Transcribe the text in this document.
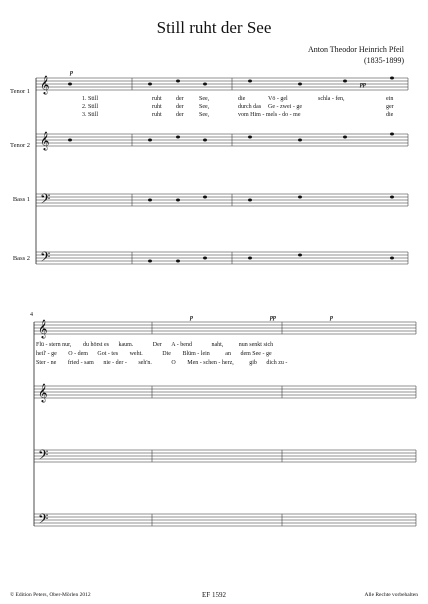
Still ruht der See
Anton Theodor Heinrich Pfeil
(1835-1899)
Tenor 1
Tenor 2
Bass 1
Bass 2
𝄞
𝄞
𝄢
𝄢
𝄞
𝄞
𝄢
𝄢
p
pp
p	pp	p
1. Still
2. Still
3. Still
ruht der	See,	die	Vö - gel	schla - fen,	ein
ruht der	See,	durch das Ge - zwei - ge	ger
ruht der	See,	vom Him - mels - do - me	die
4
Flü - stern nur, du hörst es kaum.	Der A - bend	naht,	nun senkt sich
heil' - ge O - dem Got - tes weht.	Die Blüm - lein	an dem See - ge
Ster - ne fried - sam nie - der - seh'n.	O Men - schen - herz,	gib dich zu -
© Edition Peters, Ober-Mörlen 2012	EF 1592	Alle Rechte vorbehalten
